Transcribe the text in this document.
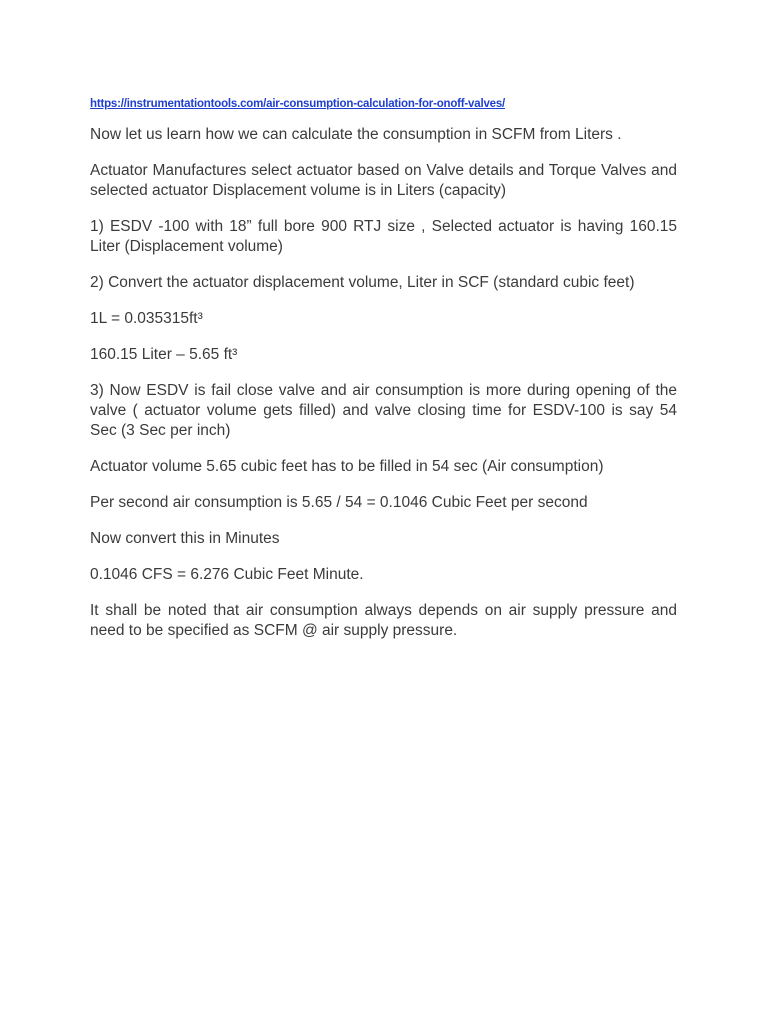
https://instrumentationtools.com/air-consumption-calculation-for-onoff-valves/

Now let us learn how we can calculate the consumption in SCFM from Liters .

Actuator Manufactures select actuator based on Valve details and Torque Valves and selected actuator Displacement volume is in Liters (capacity)

1) ESDV -100 with 18” full bore 900 RTJ size , Selected actuator is having 160.15 Liter (Displacement volume)

2) Convert the actuator displacement volume, Liter in SCF (standard cubic feet)

1L = 0.035315ft³

160.15 Liter – 5.65 ft³

3) Now ESDV is fail close valve and air consumption is more during opening of the valve ( actuator volume gets filled) and valve closing time for ESDV-100 is say 54 Sec (3 Sec per inch)

Actuator volume 5.65 cubic feet has to be filled in 54 sec (Air consumption)

Per second air consumption is 5.65 / 54 = 0.1046 Cubic Feet per second

Now convert this in Minutes

0.1046 CFS = 6.276 Cubic Feet Minute.

It shall be noted that air consumption always depends on air supply pressure and need to be specified as SCFM @ air supply pressure.
